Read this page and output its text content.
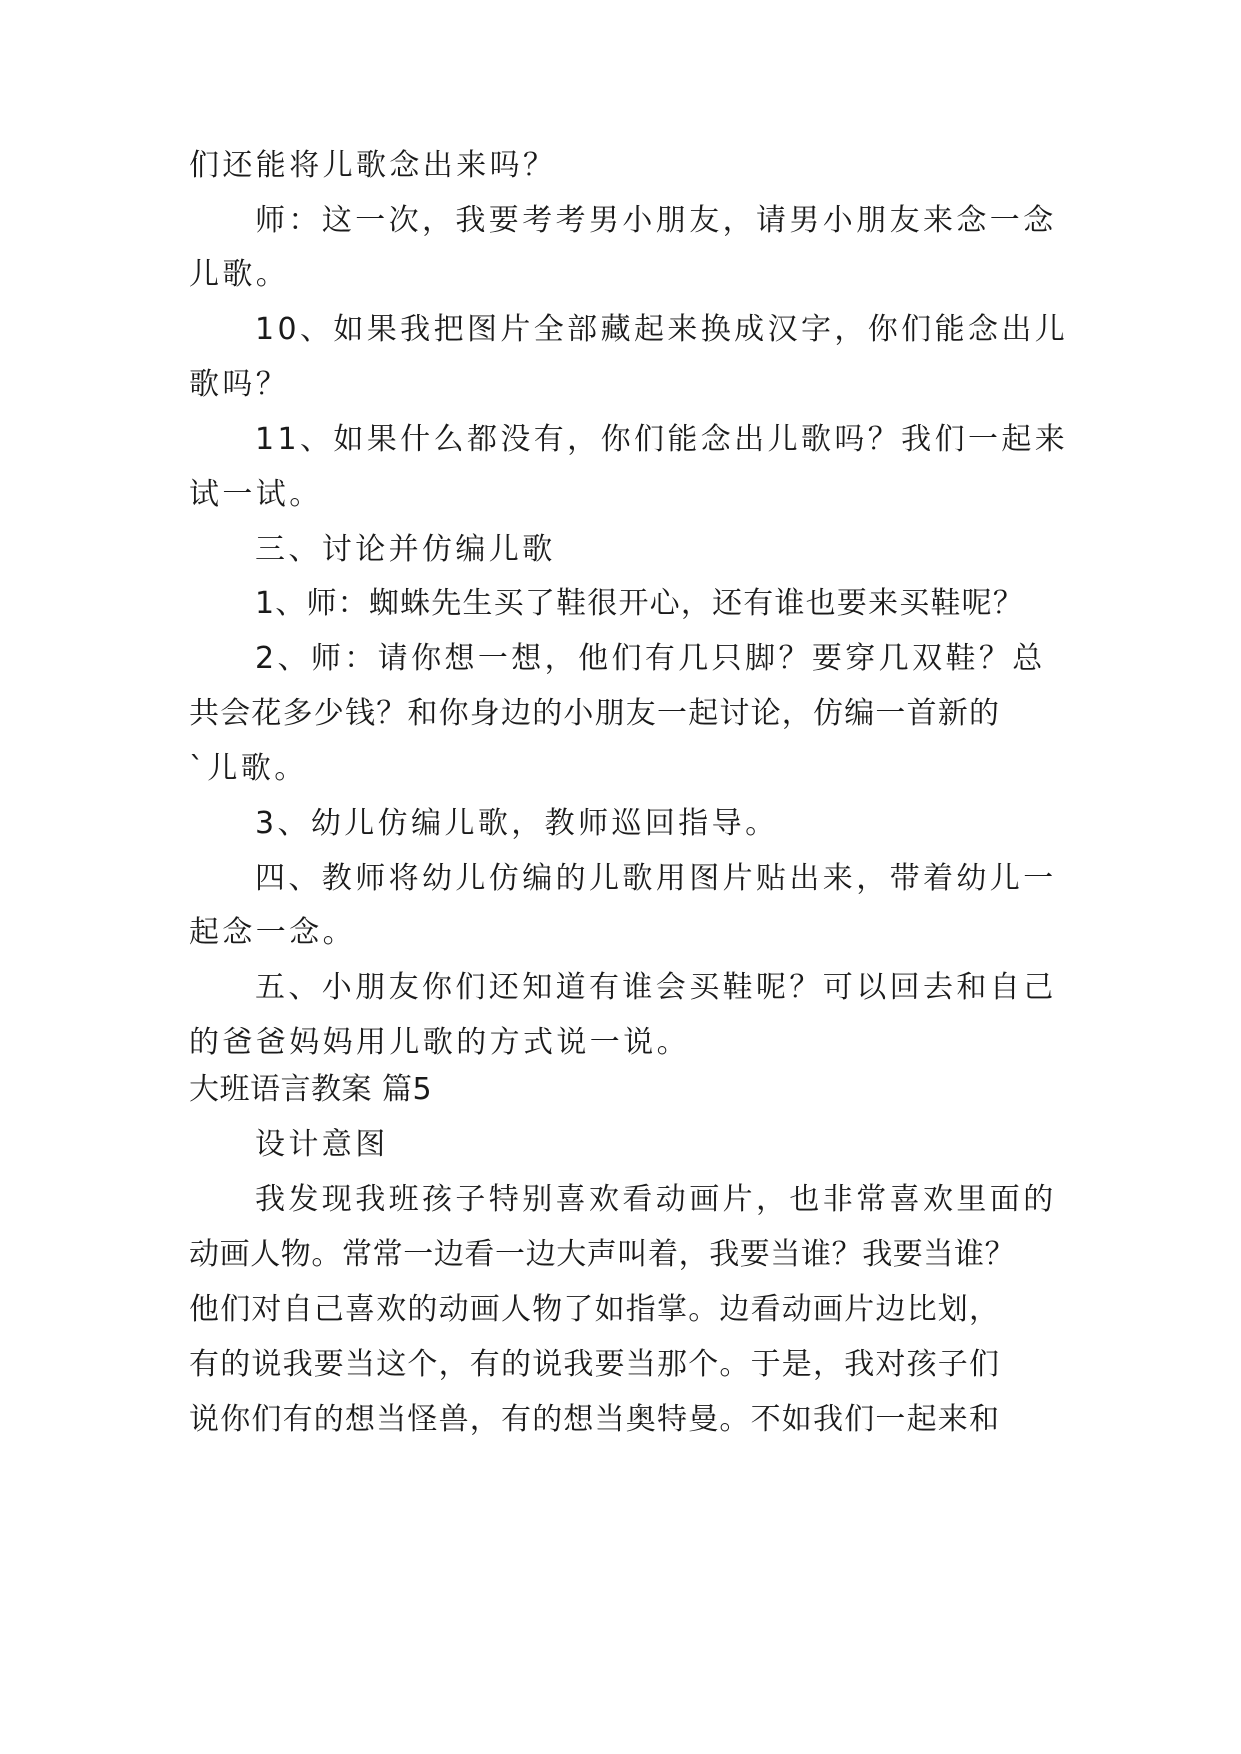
们还能将儿歌念出来吗？
师：这一次，我要考考男小朋友，请男小朋友来念一念
儿歌。
10、如果我把图片全部藏起来换成汉字，你们能念出儿
歌吗？
11、如果什么都没有，你们能念出儿歌吗？我们一起来
试一试。
三、讨论并仿编儿歌
1、师：蜘蛛先生买了鞋很开心，还有谁也要来买鞋呢？
2、师：请你想一想，他们有几只脚？要穿几双鞋？总
共会花多少钱？和你身边的小朋友一起讨论，仿编一首新的
`儿歌。
3、幼儿仿编儿歌，教师巡回指导。
四、教师将幼儿仿编的儿歌用图片贴出来，带着幼儿一
起念一念。
五、小朋友你们还知道有谁会买鞋呢？可以回去和自己
的爸爸妈妈用儿歌的方式说一说。
大班语言教案 篇5
设计意图
我发现我班孩子特别喜欢看动画片，也非常喜欢里面的
动画人物。常常一边看一边大声叫着，我要当谁？我要当谁？
他们对自己喜欢的动画人物了如指掌。边看动画片边比划，
有的说我要当这个，有的说我要当那个。于是，我对孩子们
说你们有的想当怪兽，有的想当奥特曼。不如我们一起来和
